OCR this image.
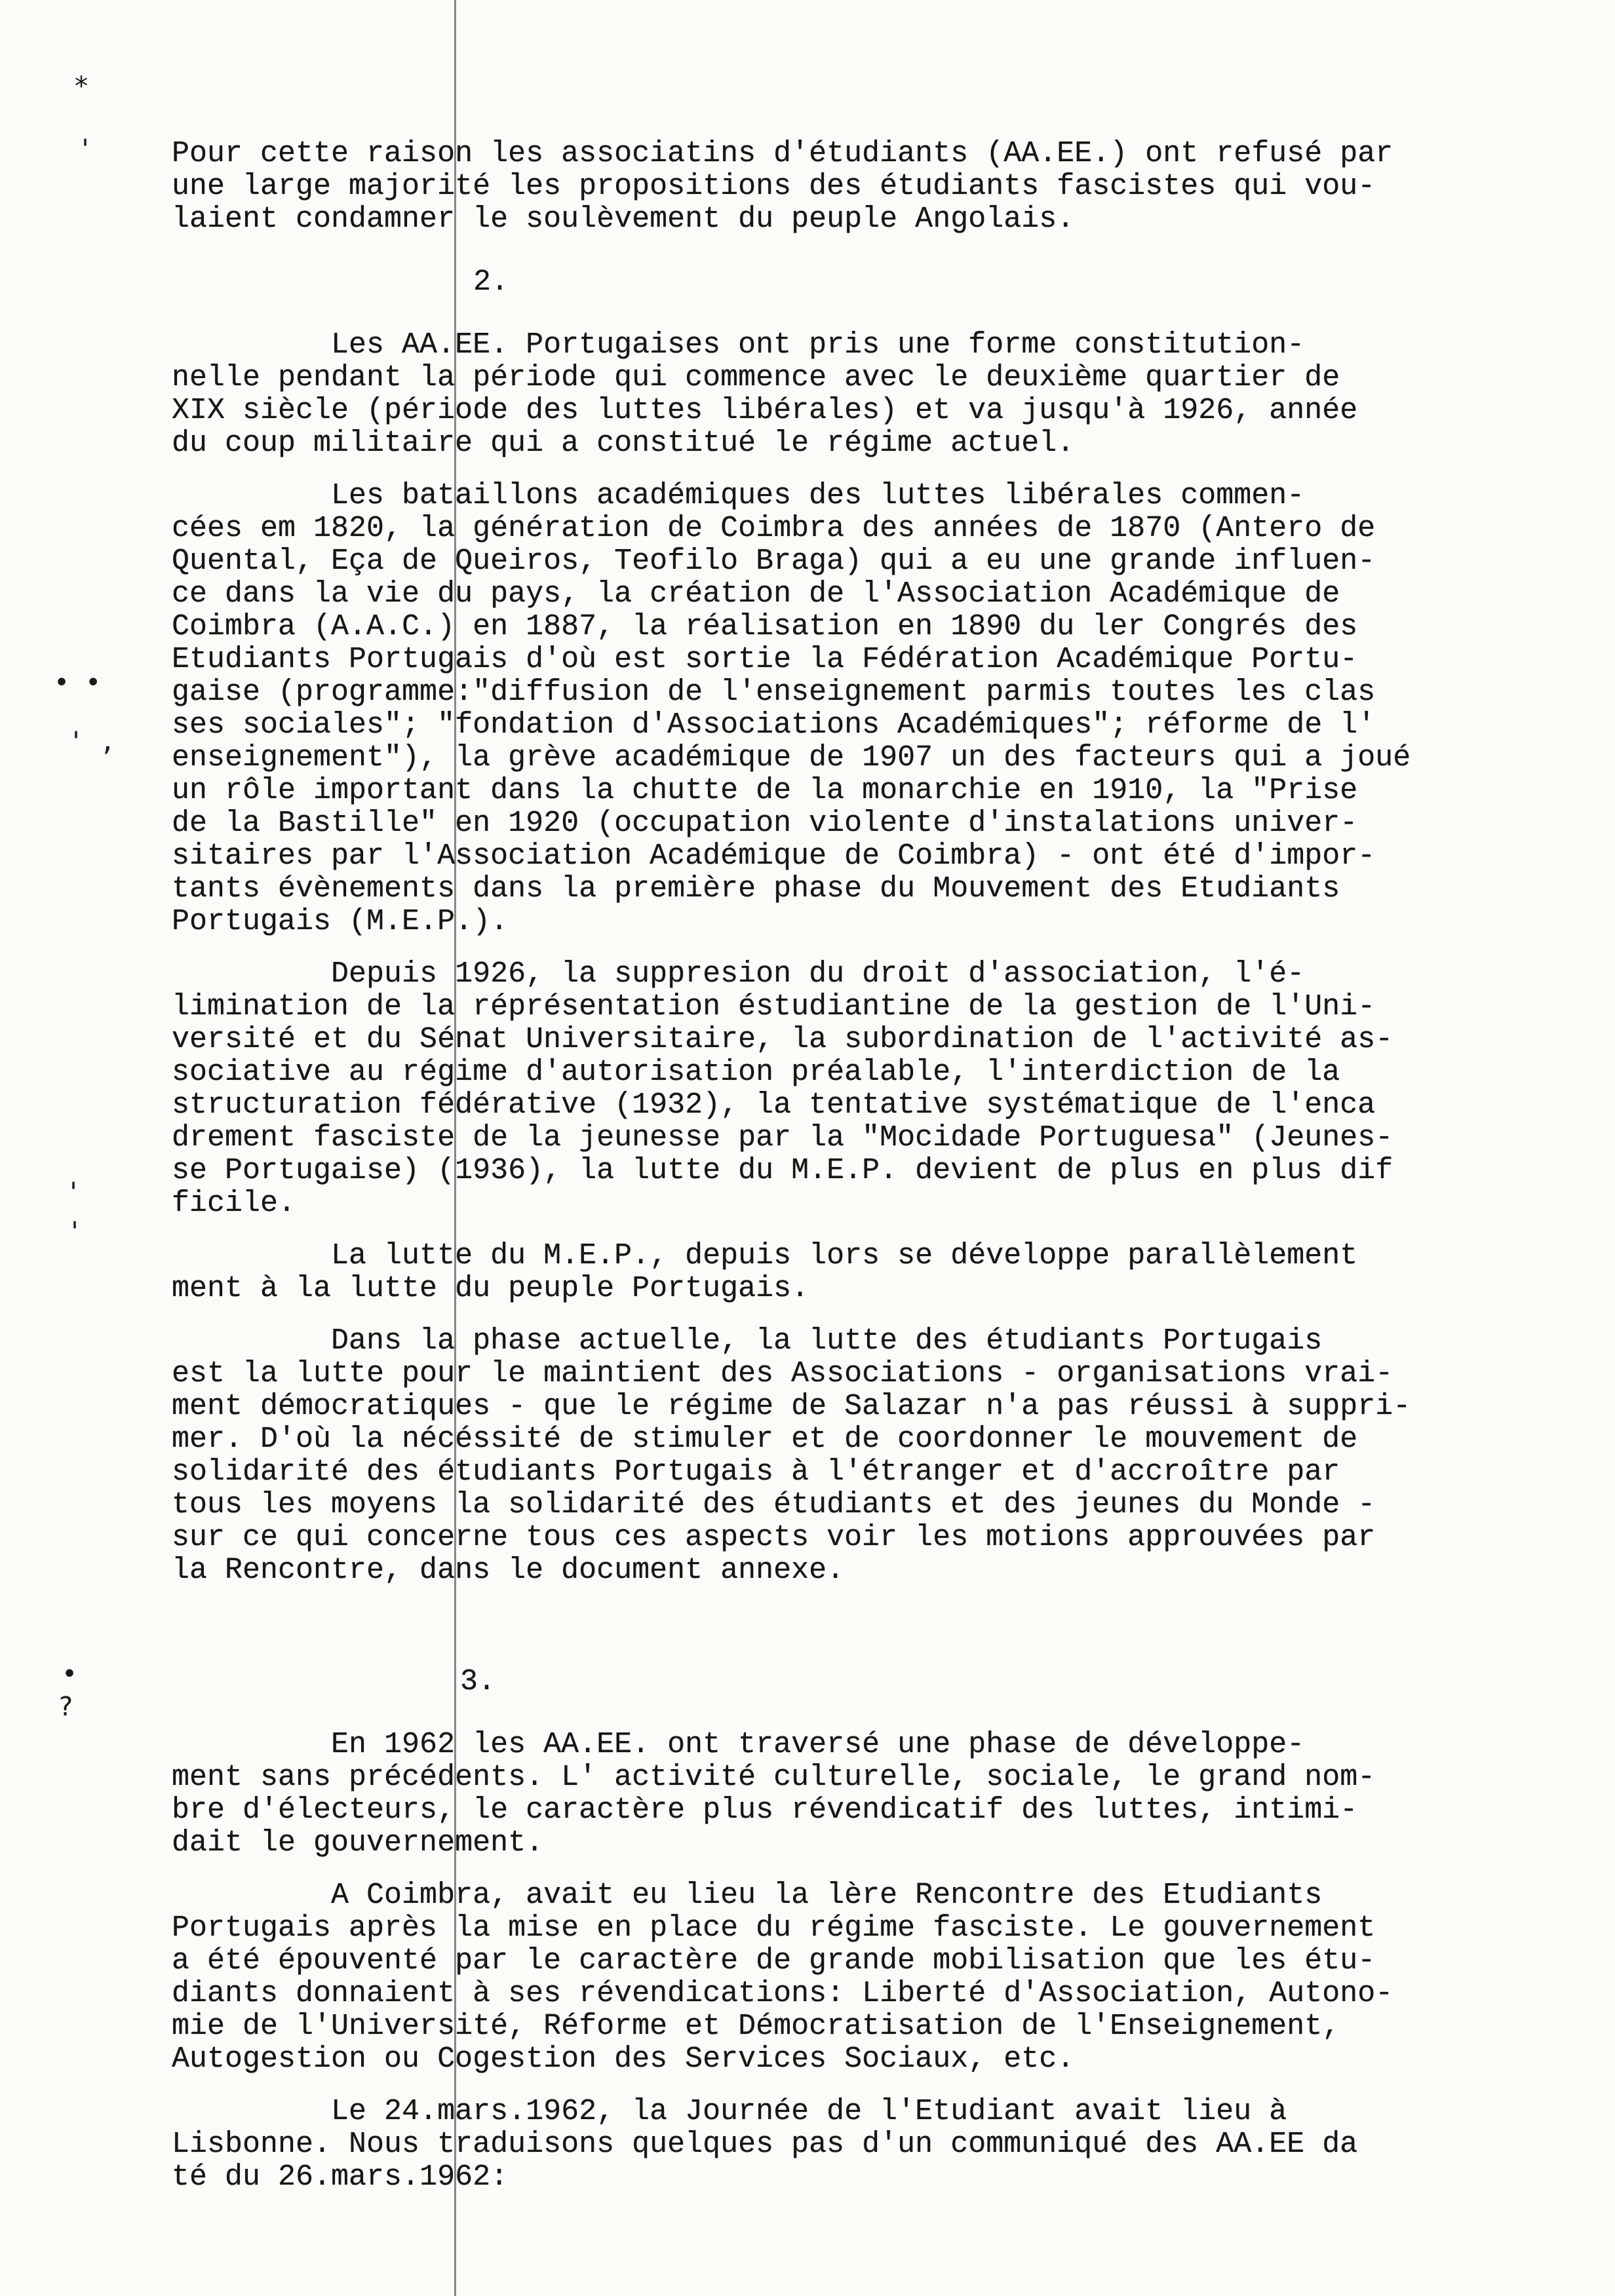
*
'
• •
' ,
'
'
•
?

Pour cette raison les associatins d'étudiants (AA.EE.) ont refusé par

une large majorité les propositions des étudiants fascistes qui vou-

laient condamner le soulèvement du peuple Angolais.

2.

Les AA.EE. Portugaises ont pris une forme constitution-

nelle pendant la période qui commence avec le deuxième quartier de

XIX siècle (période des luttes libérales) et va jusqu'à 1926, année

du coup militaire qui a constitué le régime actuel.

Les bataillons académiques des luttes libérales commen-

cées em 1820, la génération de Coimbra des années de 1870 (Antero de

Quental, Eça de Queiros, Teofilo Braga) qui a eu une grande influen-

ce dans la vie du pays, la création de l'Association Académique de

Coimbra (A.A.C.) en 1887, la réalisation en 1890 du ler Congrés des

Etudiants Portugais d'où est sortie la Fédération Académique Portu-

gaise (programme:"diffusion de l'enseignement parmis toutes les clas

ses sociales"; "fondation d'Associations Académiques"; réforme de l'

enseignement"), la grève académique de 1907 un des facteurs qui a joué

un rôle important dans la chutte de la monarchie en 1910, la "Prise

de la Bastille" en 1920 (occupation violente d'instalations univer-

sitaires par l'Association Académique de Coimbra) - ont été d'impor-

tants évènements dans la première phase du Mouvement des Etudiants

Portugais (M.E.P.).

Depuis 1926, la suppresion du droit d'association, l'é-

limination de la réprésentation éstudiantine de la gestion de l'Uni-

versité et du Sénat Universitaire, la subordination de l'activité as-

sociative au régime d'autorisation préalable, l'interdiction de la

structuration fédérative (1932), la tentative systématique de l'enca

drement fasciste de la jeunesse par la "Mocidade Portuguesa" (Jeunes-

se Portugaise) (1936), la lutte du M.E.P. devient de plus en plus dif

ficile.

La lutte du M.E.P., depuis lors se développe parallèlement

ment à la lutte du peuple Portugais.

Dans la phase actuelle, la lutte des étudiants Portugais

est la lutte pour le maintient des Associations - organisations vrai-

ment démocratiques - que le régime de Salazar n'a pas réussi à suppri-

mer. D'où la nécéssité de stimuler et de coordonner le mouvement de

solidarité des étudiants Portugais à l'étranger et d'accroître par

tous les moyens la solidarité des étudiants et des jeunes du Monde -

sur ce qui concerne tous ces aspects voir les motions approuvées par

la Rencontre, dans le document annexe.

3.

En 1962 les AA.EE. ont traversé une phase de développe-

ment sans précédents. L' activité culturelle, sociale, le grand nom-

bre d'électeurs, le caractère plus révendicatif des luttes, intimi-

dait le gouvernement.

A Coimbra, avait eu lieu la lère Rencontre des Etudiants

Portugais après la mise en place du régime fasciste. Le gouvernement

a été épouventé par le caractère de grande mobilisation que les étu-

diants donnaient à ses révendications: Liberté d'Association, Autono-

mie de l'Université, Réforme et Démocratisation de l'Enseignement,

Autogestion ou Cogestion des Services Sociaux, etc.

Le 24.mars.1962, la Journée de l'Etudiant avait lieu à

Lisbonne. Nous traduisons quelques pas d'un communiqué des AA.EE da

té du 26.mars.1962:
